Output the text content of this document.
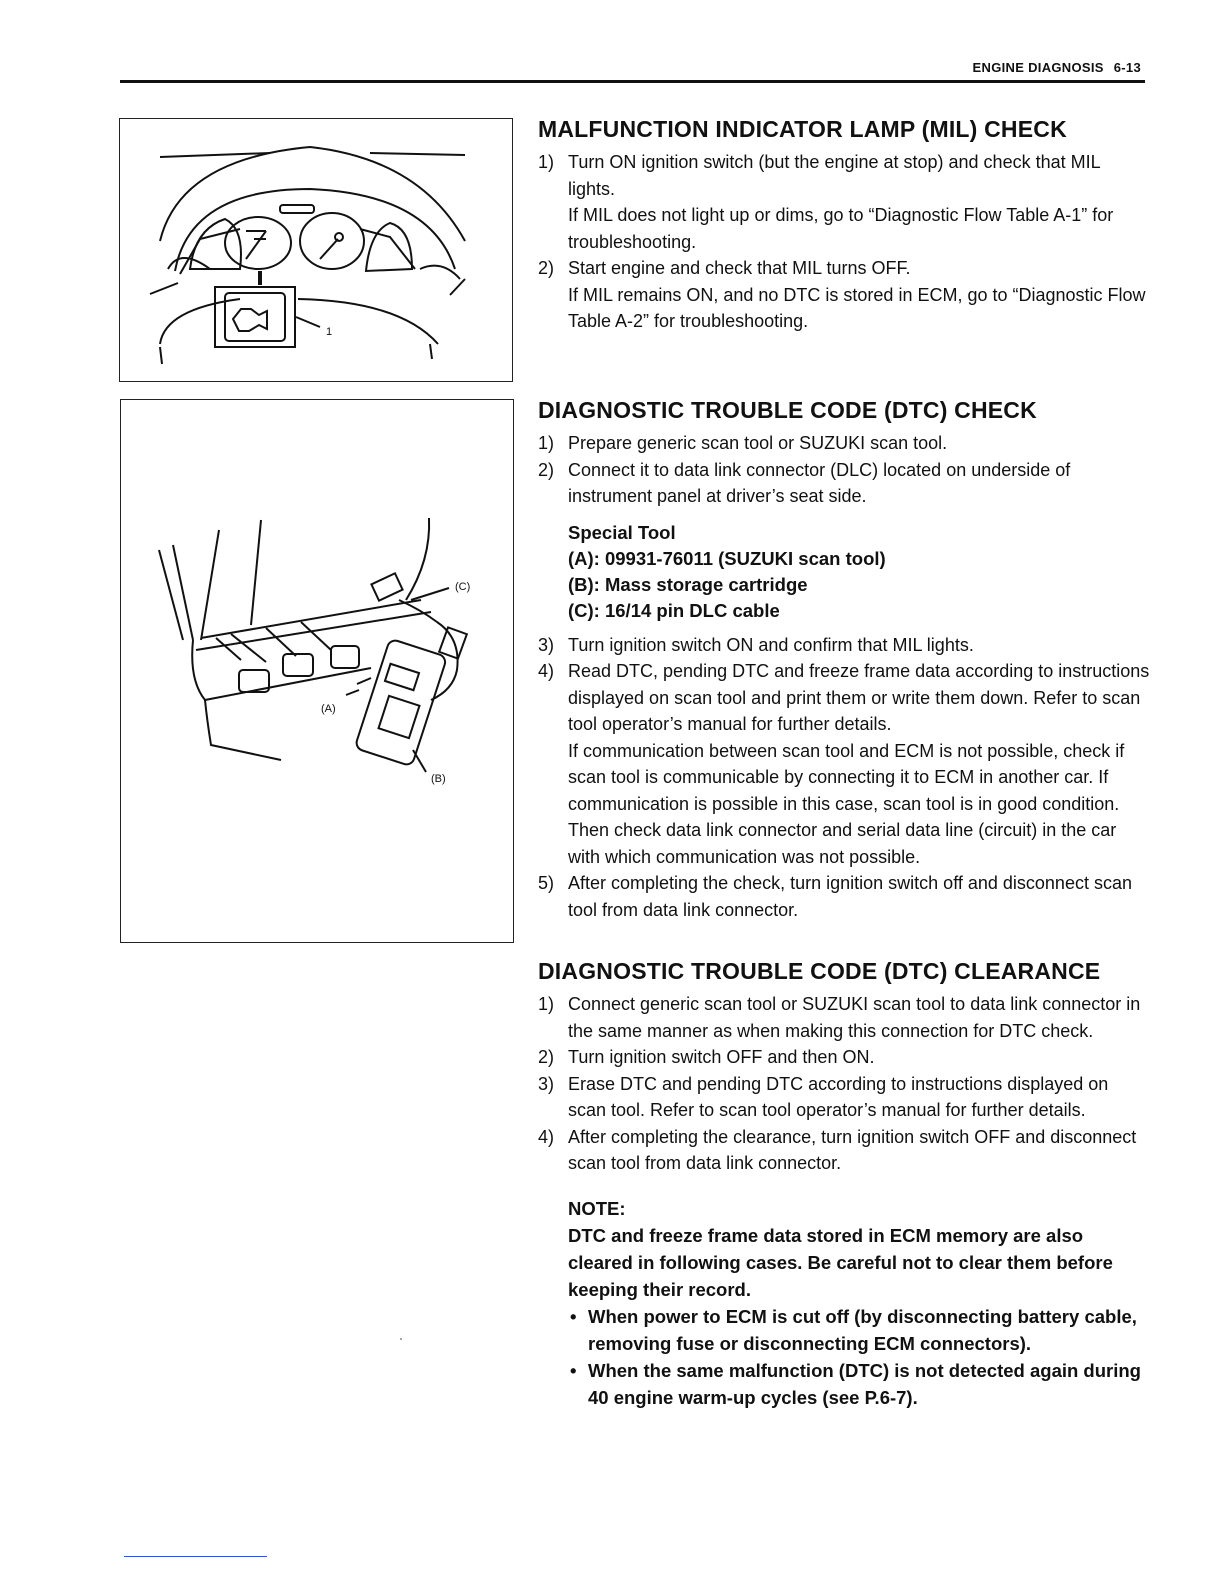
ENGINE DIAGNOSIS 6-13
1
(C)
(A)
(B)
MALFUNCTION INDICATOR LAMP (MIL) CHECK
1) Turn ON ignition switch (but the engine at stop) and check that MIL lights.

If MIL does not light up or dims, go to “Diagnostic Flow Table A-1” for troubleshooting.

2) Start engine and check that MIL turns OFF.

If MIL remains ON, and no DTC is stored in ECM, go to “Diagnostic Flow Table A-2” for troubleshooting.

DIAGNOSTIC TROUBLE CODE (DTC) CHECK
1) Prepare generic scan tool or SUZUKI scan tool.

2) Connect it to data link connector (DLC) located on underside of instrument panel at driver’s seat side.

Special Tool
(A): 09931-76011 (SUZUKI scan tool)
(B): Mass storage cartridge
(C): 16/14 pin DLC cable
3) Turn ignition switch ON and confirm that MIL lights.

4) Read DTC, pending DTC and freeze frame data according to instructions displayed on scan tool and print them or write them down. Refer to scan tool operator’s manual for further details.

If communication between scan tool and ECM is not possible, check if scan tool is communicable by connecting it to ECM in another car. If communication is possible in this case, scan tool is in good condition. Then check data link connector and serial data line (circuit) in the car with which communication was not possible.

5) After completing the check, turn ignition switch off and disconnect scan tool from data link connector.

DIAGNOSTIC TROUBLE CODE (DTC) CLEARANCE
1) Connect generic scan tool or SUZUKI scan tool to data link connector in the same manner as when making this connection for DTC check.

2) Turn ignition switch OFF and then ON.

3) Erase DTC and pending DTC according to instructions displayed on scan tool. Refer to scan tool operator’s manual for further details.

4) After completing the clearance, turn ignition switch OFF and disconnect scan tool from data link connector.

NOTE:
DTC and freeze frame data stored in ECM memory are also cleared in following cases. Be careful not to clear them before keeping their record.
• When power to ECM is cut off (by disconnecting battery cable, removing fuse or disconnecting ECM connectors).
• When the same malfunction (DTC) is not detected again during 40 engine warm-up cycles (see P.6-7).
